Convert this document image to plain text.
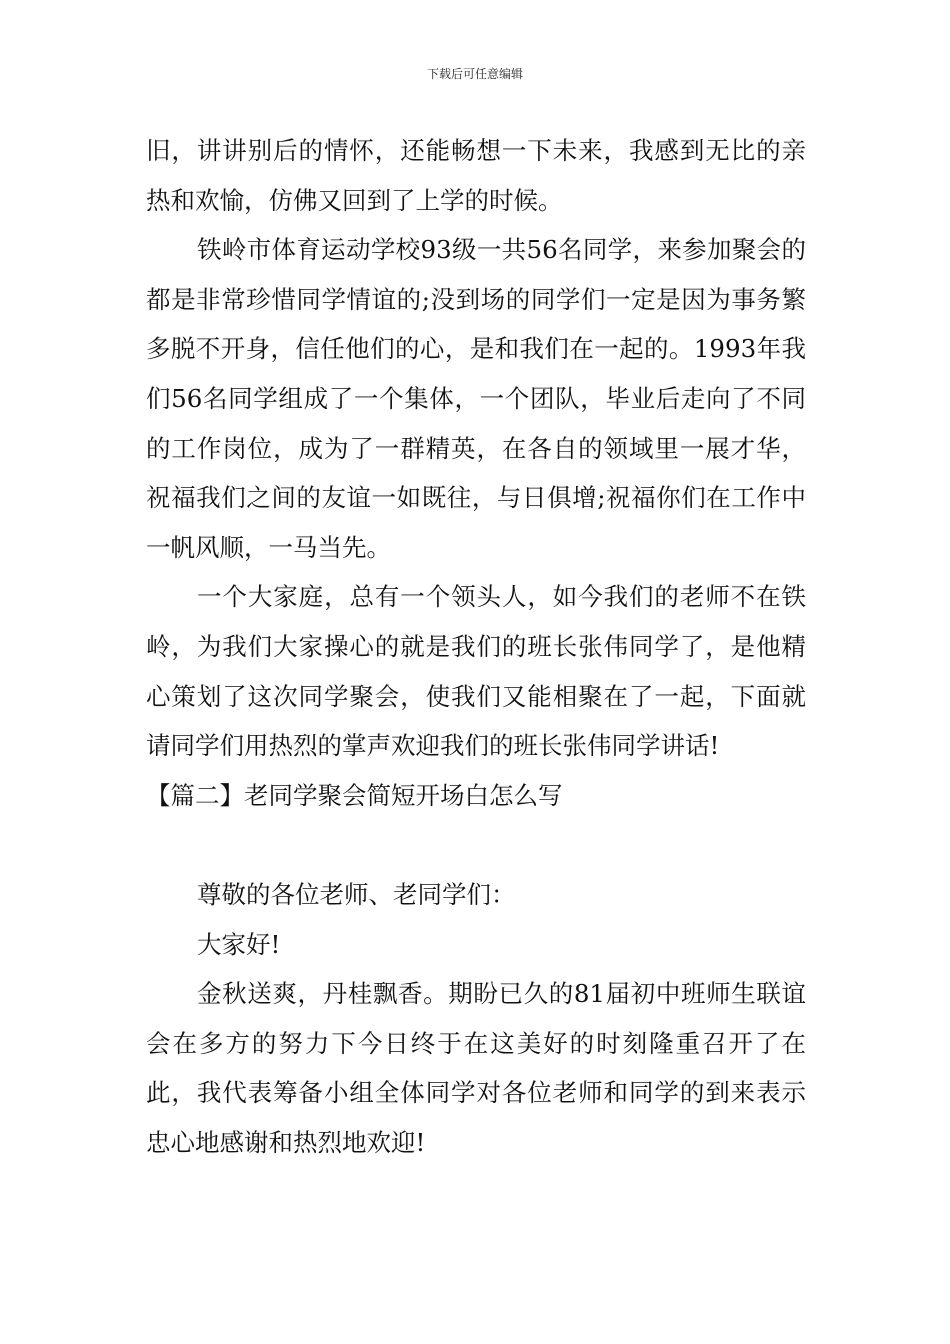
下载后可任意编辑

旧，讲讲别后的情怀，还能畅想一下未来，我感到无比的亲热和欢愉，仿佛又回到了上学的时候。

铁岭市体育运动学校93级一共56名同学，来参加聚会的都是非常珍惜同学情谊的;没到场的同学们一定是因为事务繁多脱不开身，信任他们的心，是和我们在一起的。1993年我们56名同学组成了一个集体，一个团队，毕业后走向了不同的工作岗位，成为了一群精英，在各自的领域里一展才华，祝福我们之间的友谊一如既往，与日俱增;祝福你们在工作中一帆风顺，一马当先。

一个大家庭，总有一个领头人，如今我们的老师不在铁岭，为我们大家操心的就是我们的班长张伟同学了，是他精心策划了这次同学聚会，使我们又能相聚在了一起，下面就请同学们用热烈的掌声欢迎我们的班长张伟同学讲话!

【篇二】老同学聚会简短开场白怎么写

尊敬的各位老师、老同学们：

大家好!

金秋送爽，丹桂飘香。期盼已久的81届初中班师生联谊会在多方的努力下今日终于在这美好的时刻隆重召开了在此，我代表筹备小组全体同学对各位老师和同学的到来表示忠心地感谢和热烈地欢迎!
